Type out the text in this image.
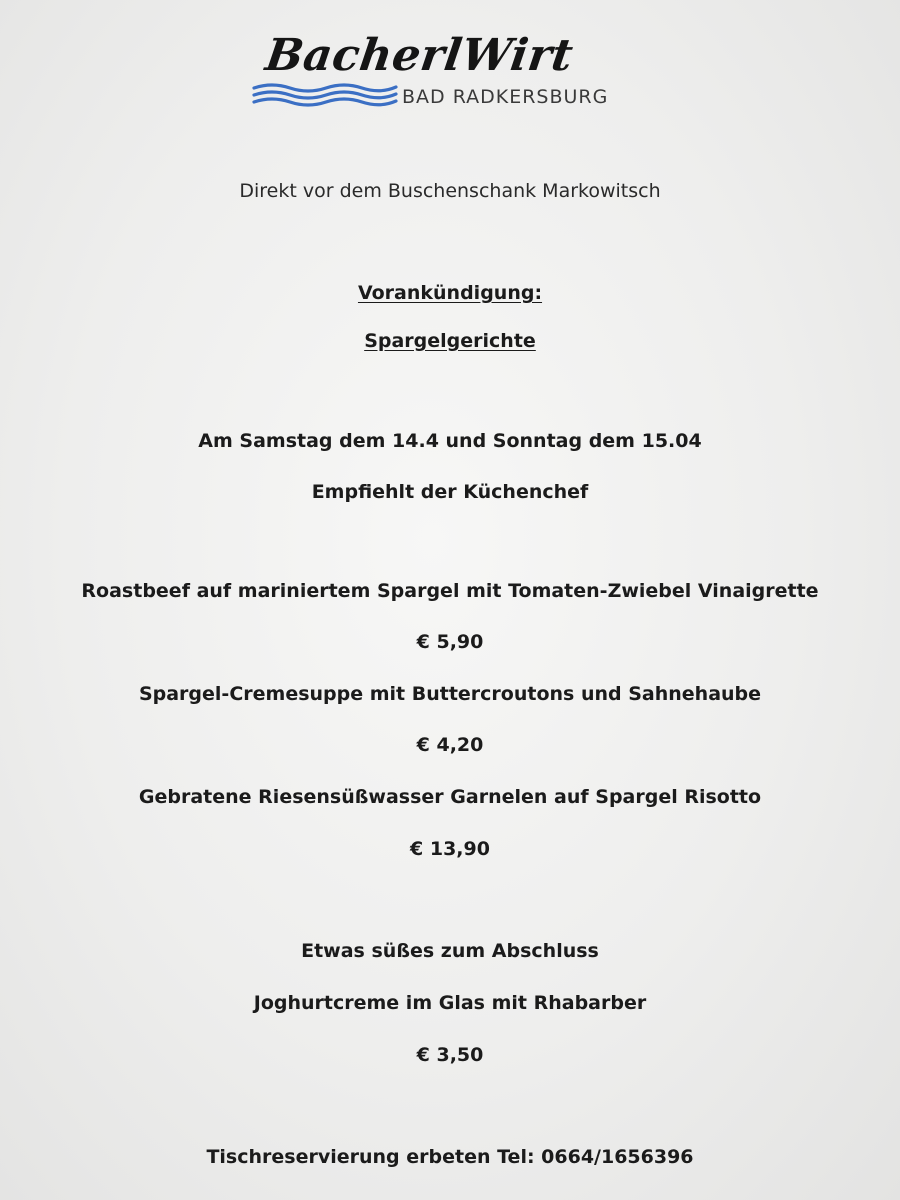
BacherlWirt
BAD RADKERSBURG
Direkt vor dem Buschenschank Markowitsch
Vorankündigung:
Spargelgerichte
Am Samstag dem 14.4 und Sonntag dem 15.04
Empfiehlt der Küchenchef
Roastbeef auf mariniertem Spargel mit Tomaten-Zwiebel Vinaigrette
€ 5,90
Spargel-Cremesuppe mit Buttercroutons und Sahnehaube
€ 4,20
Gebratene Riesensüßwasser Garnelen auf Spargel Risotto
€ 13,90
Etwas süßes zum Abschluss
Joghurtcreme im Glas mit Rhabarber
€ 3,50
Tischreservierung erbeten Tel: 0664/1656396
